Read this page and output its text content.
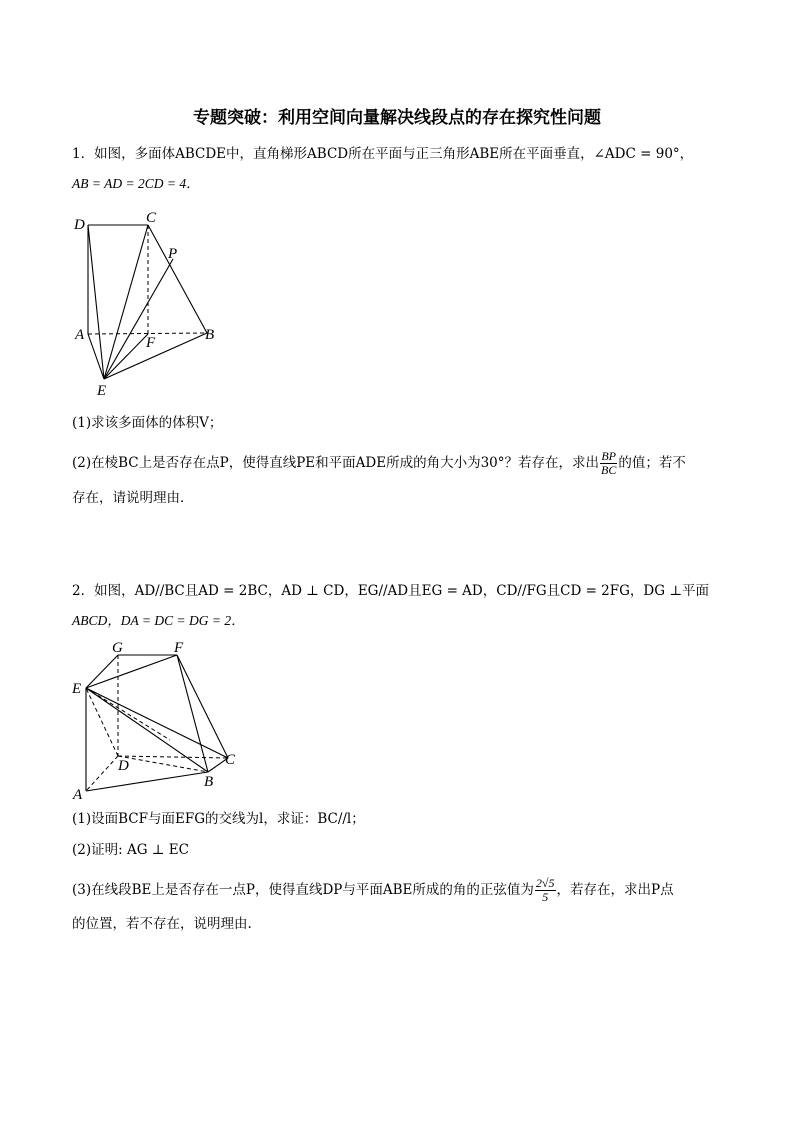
专题突破：利用空间向量解决线段点的存在探究性问题
1．如图，多面体ABCDE中，直角梯形ABCD所在平面与正三角形ABE所在平面垂直，∠ADC = 90°，
AB = AD = 2CD = 4．
D	C
P
A	F	B
E
(1)求该多面体的体积V；
(2)在棱BC上是否存在点P，使得直线PE和平面ADE所成的角大小为30°？若存在，求出 $\frac{BP}{BC}$ 的值；若不
存在，请说明理由．
2．如图，AD//BC且AD = 2BC，AD ⊥ CD，EG//AD且EG = AD，CD//FG且CD = 2FG，DG ⊥平面
ABCD，DA = DC = DG = 2．
G	F
E
D	C
B
A
(1)设面BCF与面EFG的交线为l，求证：BC//l；
(2)证明: AG ⊥ EC
(3)在线段BE上是否存在一点P，使得直线DP与平面ABE所成的角的正弦值为 $\frac{2√5}{5}$ ，若存在，求出P点
的位置，若不存在，说明理由.
